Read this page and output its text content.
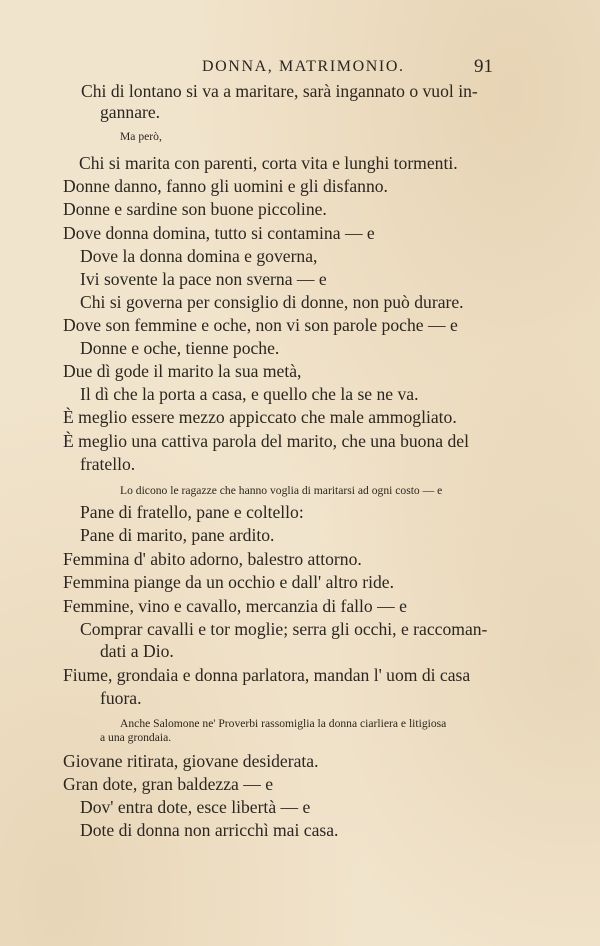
DONNA, MATRIMONIO.	91
Chi di lontano si va a maritare, sarà ingannato o vuol in-
gannare.
Ma però,
Chi si marita con parenti, corta vita e lunghi tormenti.
Donne danno, fanno gli uomini e gli disfanno.
Donne e sardine son buone piccoline.
Dove donna domina, tutto si contamina — e
Dove la donna domina e governa,
Ivi sovente la pace non sverna — e
Chi si governa per consiglio di donne, non può durare.
Dove son femmine e oche, non vi son parole poche — e
Donne e oche, tienne poche.
Due dì gode il marito la sua metà,
Il dì che la porta a casa, e quello che la se ne va.
È meglio essere mezzo appiccato che male ammogliato.
È meglio una cattiva parola del marito, che una buona del
fratello.
Lo dicono le ragazze che hanno voglia di maritarsi ad ogni costo — e
Pane di fratello, pane e coltello:
Pane di marito, pane ardito.
Femmina d' abito adorno, balestro attorno.
Femmina piange da un occhio e dall' altro ride.
Femmine, vino e cavallo, mercanzia di fallo — e
Comprar cavalli e tor moglie; serra gli occhi, e raccoman-
dati a Dio.
Fiume, grondaia e donna parlatora, mandan l' uom di casa
fuora.
Anche Salomone ne' Proverbi rassomiglia la donna ciarliera e litigiosa
a una grondaia.
Giovane ritirata, giovane desiderata.
Gran dote, gran baldezza — e
Dov' entra dote, esce libertà — e
Dote di donna non arricchì mai casa.
